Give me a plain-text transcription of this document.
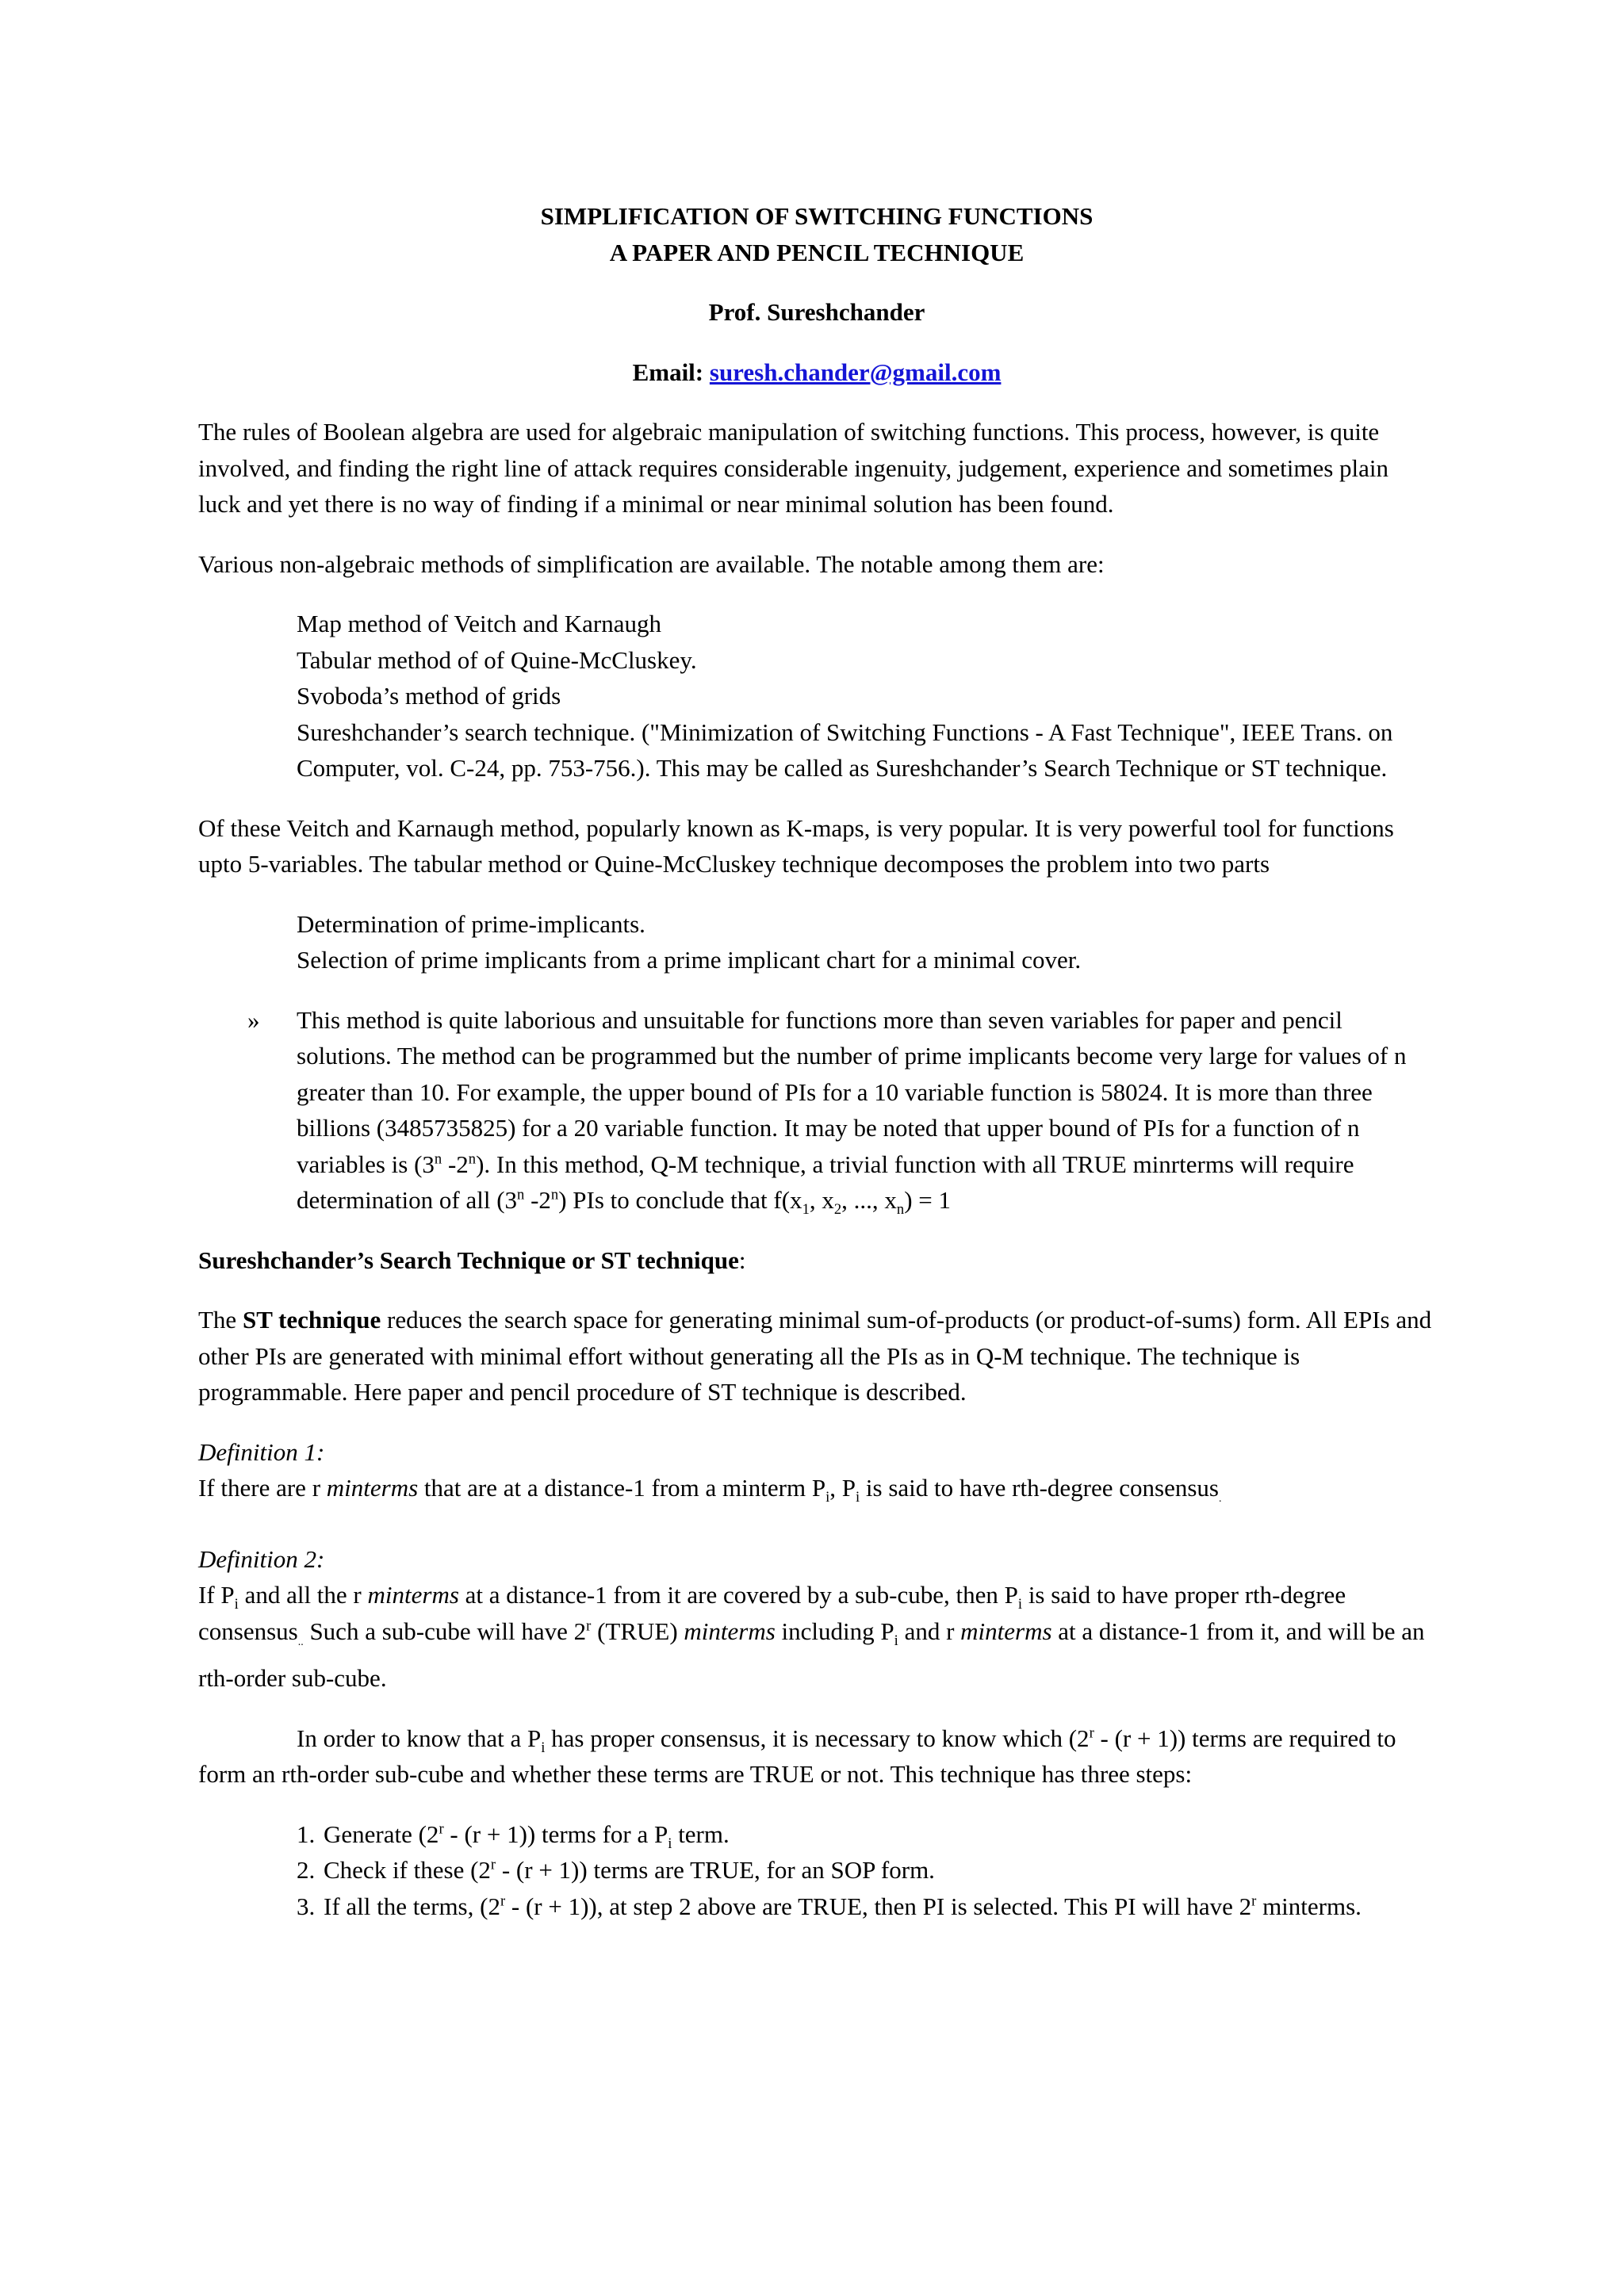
SIMPLIFICATION OF SWITCHING FUNCTIONS
A PAPER AND PENCIL TECHNIQUE
Prof. Sureshchander
Email: suresh.chander@gmail.com

The rules of Boolean algebra are used for algebraic manipulation of switching functions. This process, however, is quite involved, and finding the right line of attack requires considerable ingenuity, judgement, experience and sometimes plain luck and yet there is no way of finding if a minimal or near minimal solution has been found.

Various non-algebraic methods of simplification are available. The notable among them are:

Map method of Veitch and Karnaugh
Tabular method of of Quine-McCluskey.
Svoboda’s method of grids
Sureshchander’s search technique. ("Minimization of Switching Functions - A Fast Technique", IEEE Trans. on Computer, vol. C-24, pp. 753-756.). This may be called as Sureshchander’s Search Technique or ST technique.

Of these Veitch and Karnaugh method, popularly known as K-maps, is very popular. It is very powerful tool for functions upto 5-variables. The tabular method or Quine-McCluskey technique decomposes the problem into two parts

Determination of prime-implicants.
Selection of prime implicants from a prime implicant chart for a minimal cover.
» This method is quite laborious and unsuitable for functions more than seven variables for paper and pencil solutions. The method can be programmed but the number of prime implicants become very large for values of n greater than 10. For example, the upper bound of PIs for a 10 variable function is 58024. It is more than three billions (3485735825) for a 20 variable function. It may be noted that upper bound of PIs for a function of n variables is (3$^n$ -2$^n$). In this method, Q-M technique, a trivial function with all TRUE minrterms will require determination of all (3$^n$ -2$^n$) PIs to conclude that $f(x_1$, $x_2$, ..., $x_n) = 1$

Sureshchander’s Search Technique or ST technique:

The ST technique reduces the search space for generating minimal sum-of-products (or product-of-sums) form. All EPIs and other PIs are generated with minimal effort without generating all the PIs as in Q-M technique. The technique is programmable. Here paper and pencil procedure of ST technique is described.

Definition 1:

If there are r minterms that are at a distance-1 from a minterm $P_i$, $P_i$ is said to have rth-degree consensus$_.$

Definition 2:

If $P_i$ and all the r minterms at a distance-1 from it are covered by a sub-cube, then $P_i$ is said to have proper rth-degree consensus$_{..}$ Such a sub-cube will have 2$^r$ (TRUE) minterms including $P_i$ and r minterms at a distance-1 from it, and will be an rth-order sub-cube.

In order to know that a $P_i$ has proper consensus, it is necessary to know which (2$^r$ - (r + 1)) terms are required to form an rth-order sub-cube and whether these terms are TRUE or not. This technique has three steps:

1. Generate (2$^r$ - (r + 1)) terms for a $P_i$ term.
2. Check if these (2$^r$ - (r + 1)) terms are TRUE, for an SOP form.
3. If all the terms, (2$^r$ - (r + 1)), at step 2 above are TRUE, then PI is selected. This PI will have 2$^r$ minterms.
